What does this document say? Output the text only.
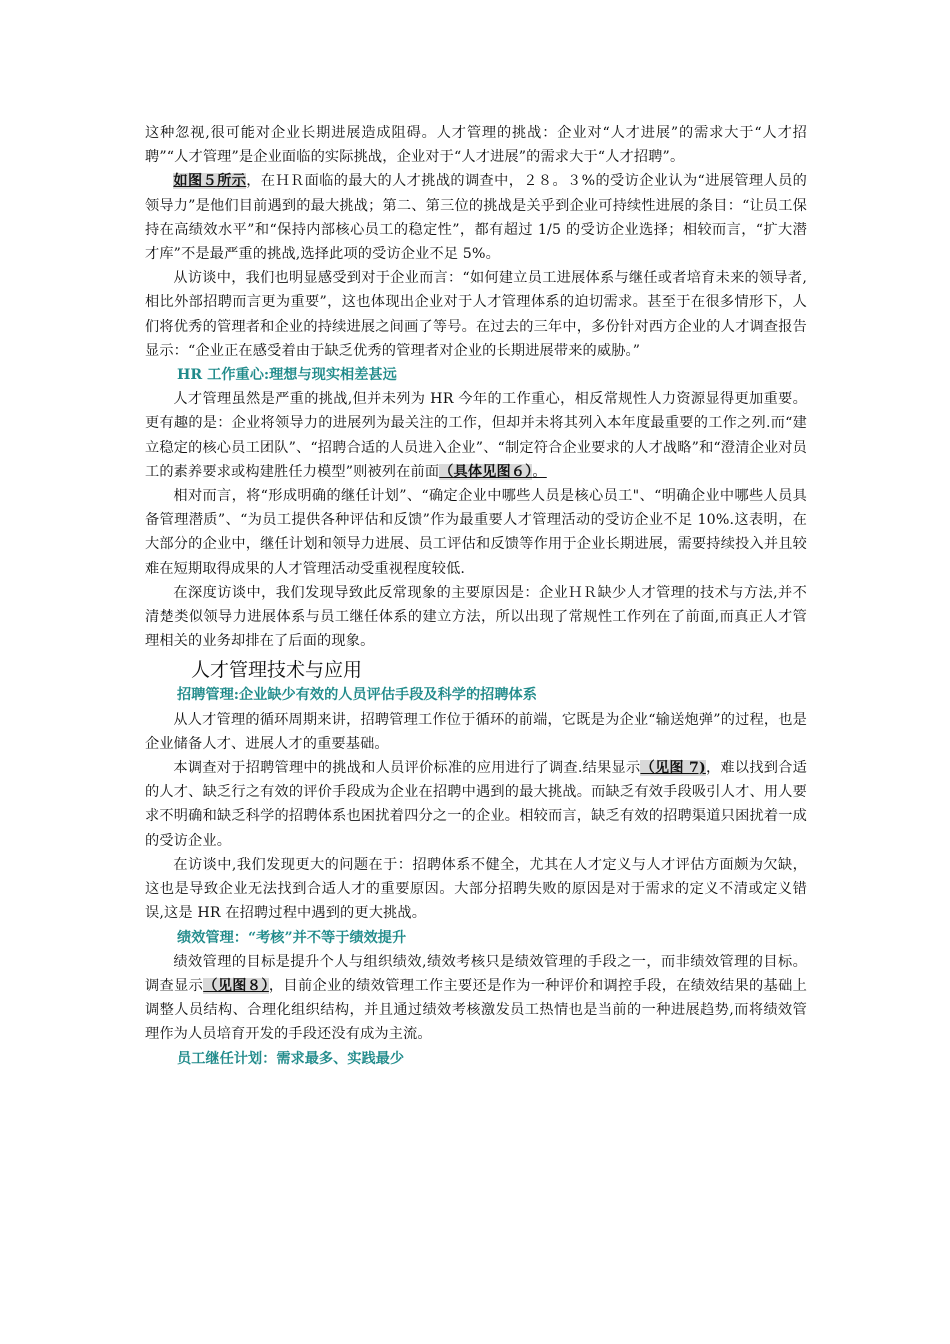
这种忽视,很可能对企业长期进展造成阻碍。人才管理的挑战：企业对“人才进展”的需求大于“人才招聘”“人才管理”是企业面临的实际挑战，企业对于“人才进展”的需求大于“人才招聘”。

如图５所示，在ＨＲ面临的最大的人才挑战的调查中，２８。３%的受访企业认为“进展管理人员的领导力”是他们目前遇到的最大挑战；第二、第三位的挑战是关乎到企业可持续性进展的条目：“让员工保持在高绩效水平”和“保持内部核心员工的稳定性”，都有超过 1/5 的受访企业选择；相较而言，“扩大潜才库”不是最严重的挑战,选择此项的受访企业不足 5%。

从访谈中，我们也明显感受到对于企业而言：“如何建立员工进展体系与继任或者培育未来的领导者,相比外部招聘而言更为重要”，这也体现出企业对于人才管理体系的迫切需求。甚至于在很多情形下，人们将优秀的管理者和企业的持续进展之间画了等号。在过去的三年中，多份针对西方企业的人才调查报告显示：“企业正在感受着由于缺乏优秀的管理者对企业的长期进展带来的威胁。”

HR 工作重心:理想与现实相差甚远

人才管理虽然是严重的挑战,但并未列为 HR 今年的工作重心，相反常规性人力资源显得更加重要。更有趣的是：企业将领导力的进展列为最关注的工作，但却并未将其列入本年度最重要的工作之列.而“建立稳定的核心员工团队”、“招聘合适的人员进入企业”、“制定符合企业要求的人才战略”和“澄清企业对员工的素养要求或构建胜任力模型”则被列在前面（具体见图６）。

相对而言，将“形成明确的继任计划”、“确定企业中哪些人员是核心员工"、“明确企业中哪些人员具备管理潜质”、“为员工提供各种评估和反馈”作为最重要人才管理活动的受访企业不足 10%.这表明，在大部分的企业中，继任计划和领导力进展、员工评估和反馈等作用于企业长期进展，需要持续投入并且较难在短期取得成果的人才管理活动受重视程度较低.

在深度访谈中，我们发现导致此反常现象的主要原因是：企业ＨＲ缺少人才管理的技术与方法,并不清楚类似领导力进展体系与员工继任体系的建立方法，所以出现了常规性工作列在了前面,而真正人才管理相关的业务却排在了后面的现象。

人才管理技术与应用
招聘管理:企业缺少有效的人员评估手段及科学的招聘体系

从人才管理的循环周期来讲，招聘管理工作位于循环的前端，它既是为企业“输送炮弹”的过程，也是企业储备人才、进展人才的重要基础。

本调查对于招聘管理中的挑战和人员评价标准的应用进行了调查.结果显示（见图 7)，难以找到合适的人才、缺乏行之有效的评价手段成为企业在招聘中遇到的最大挑战。而缺乏有效手段吸引人才、用人要求不明确和缺乏科学的招聘体系也困扰着四分之一的企业。相较而言，缺乏有效的招聘渠道只困扰着一成的受访企业。

在访谈中,我们发现更大的问题在于：招聘体系不健全，尤其在人才定义与人才评估方面颇为欠缺，这也是导致企业无法找到合适人才的重要原因。大部分招聘失败的原因是对于需求的定义不清或定义错误,这是 HR 在招聘过程中遇到的更大挑战。

绩效管理：“考核”并不等于绩效提升

绩效管理的目标是提升个人与组织绩效,绩效考核只是绩效管理的手段之一，而非绩效管理的目标。调查显示（见图８），目前企业的绩效管理工作主要还是作为一种评价和调控手段，在绩效结果的基础上调整人员结构、合理化组织结构，并且通过绩效考核激发员工热情也是当前的一种进展趋势,而将绩效管理作为人员培育开发的手段还没有成为主流。

员工继任计划：需求最多、实践最少
